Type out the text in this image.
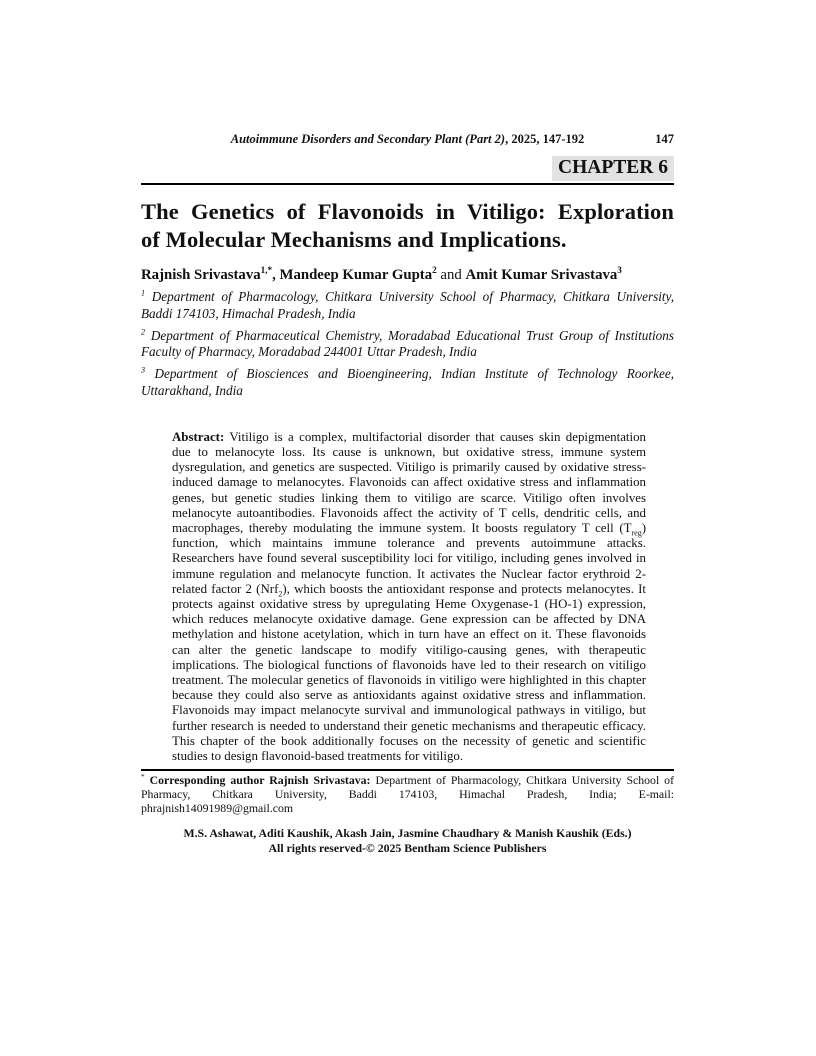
Autoimmune Disorders and Secondary Plant (Part 2), 2025, 147-192	147
CHAPTER 6
The Genetics of Flavonoids in Vitiligo: Exploration
of Molecular Mechanisms and Implications.

Rajnish Srivastava$^{1,*}$, Mandeep Kumar Gupta$^2$ and Amit Kumar Srivastava$^3$

$^1$ Department of Pharmacology, Chitkara University School of Pharmacy, Chitkara University, Baddi 174103, Himachal Pradesh, India

$^2$ Department of Pharmaceutical Chemistry, Moradabad Educational Trust Group of Institutions Faculty of Pharmacy, Moradabad 244001 Uttar Pradesh, India

$^3$ Department of Biosciences and Bioengineering, Indian Institute of Technology Roorkee, Uttarakhand, India

Abstract: Vitiligo is a complex, multifactorial disorder that causes skin depigmentation due to melanocyte loss. Its cause is unknown, but oxidative stress, immune system dysregulation, and genetics are suspected. Vitiligo is primarily caused by oxidative stress-induced damage to melanocytes. Flavonoids can affect oxidative stress and inflammation genes, but genetic studies linking them to vitiligo are scarce. Vitiligo often involves melanocyte autoantibodies. Flavonoids affect the activity of T cells, dendritic cells, and macrophages, thereby modulating the immune system. It boosts regulatory T cell $(T_{reg})$ function, which maintains immune tolerance and prevents autoimmune attacks. Researchers have found several susceptibility loci for vitiligo, including genes involved in immune regulation and melanocyte function. It activates the Nuclear factor erythroid 2-related factor 2 (Nrf$_2$), which boosts the antioxidant response and protects melanocytes. It protects against oxidative stress by upregulating Heme Oxygenase-1 (HO-1) expression, which reduces melanocyte oxidative damage. Gene expression can be affected by DNA methylation and histone acetylation, which in turn have an effect on it. These flavonoids can alter the genetic landscape to modify vitiligo-causing genes, with therapeutic implications. The biological functions of flavonoids have led to their research on vitiligo treatment. The molecular genetics of flavonoids in vitiligo were highlighted in this chapter because they could also serve as antioxidants against oxidative stress and inflammation. Flavonoids may impact melanocyte survival and immunological pathways in vitiligo, but further research is needed to understand their genetic mechanisms and therapeutic efficacy. This chapter of the book additionally focuses on the necessity of genetic and scientific studies to design flavonoid-based treatments for vitiligo.

* Corresponding author Rajnish Srivastava: Department of Pharmacology, Chitkara University School of Pharmacy, Chitkara University, Baddi 174103, Himachal Pradesh, India; E-mail: phrajnish14091989@gmail.com
M.S. Ashawat, Aditi Kaushik, Akash Jain, Jasmine Chaudhary & Manish Kaushik (Eds.)
All rights reserved-© 2025 Bentham Science Publishers
